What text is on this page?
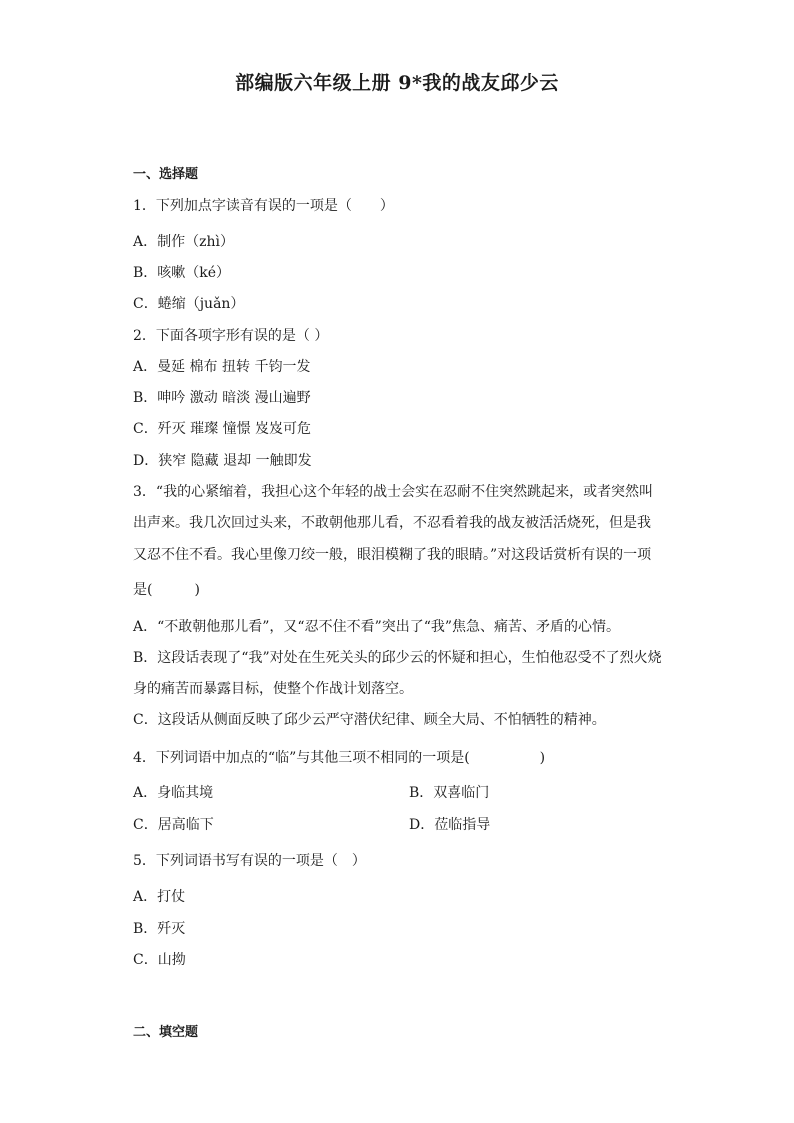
部编版六年级上册 9*我的战友邱少云
一、选择题
1．下列加点字读音有误的一项是（　　）
A．制作（zhì）
B．咳嗽（ké）
C．蜷缩（juǎn）
2．下面各项字形有误的是（ ）
A．曼延 棉布 扭转 千钧一发
B．呻吟 激动 暗淡 漫山遍野
C．歼灭 璀璨 憧憬 岌岌可危
D．狭窄 隐藏 退却 一触即发
3．“我的心紧缩着，我担心这个年轻的战士会实在忍耐不住突然跳起来，或者突然叫
出声来。我几次回过头来，不敢朝他那儿看，不忍看着我的战友被活活烧死，但是我
又忍不住不看。我心里像刀绞一般，眼泪模糊了我的眼睛。”对这段话赏析有误的一项
是(　　　)
A．“不敢朝他那儿看”，又“忍不住不看”突出了“我”焦急、痛苦、矛盾的心情。
B．这段话表现了“我”对处在生死关头的邱少云的怀疑和担心，生怕他忍受不了烈火烧
身的痛苦而暴露目标，使整个作战计划落空。
C．这段话从侧面反映了邱少云严守潜伏纪律、顾全大局、不怕牺牲的精神。
4．下列词语中加点的“临”与其他三项不相同的一项是(　　　　　)
A．身临其境	B．双喜临门
C．居高临下	D．莅临指导
5．下列词语书写有误的一项是（　）
A．打仗
B．歼灭
C．山拗
二、填空题
